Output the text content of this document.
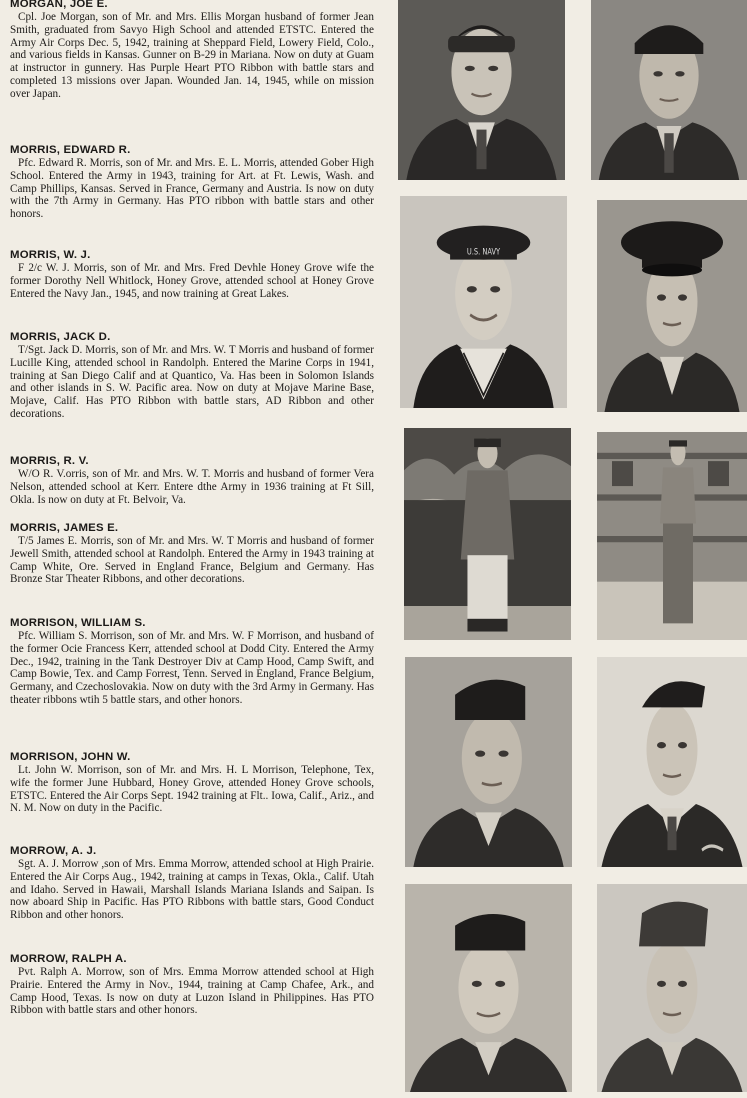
MORGAN, JOE E.

Cpl. Joe Morgan, son of Mr. and Mrs. Ellis Morgan husband of former Jean Smith, graduated from Savyo High School and attended ETSTC. Entered the Army Air Corps Dec. 5, 1942, training at Sheppard Field, Lowery Field, Colo., and various fields in Kansas. Gunner on B-29 in Mariana. Now on duty at Guam at instructor in gunnery. Has Purple Heart PTO Ribbon with battle stars and completed 13 missions over Japan. Wounded Jan. 14, 1945, while on mission over Japan.

MORRIS, EDWARD R.

Pfc. Edward R. Morris, son of Mr. and Mrs. E. L. Morris, attended Gober High School. Entered the Army in 1943, training for Art. at Ft. Lewis, Wash. and Camp Phillips, Kansas. Served in France, Germany and Austria. Is now on duty with the 7th Army in Germany. Has PTO ribbon with battle stars and other honors.

MORRIS, W. J.

F 2/c W. J. Morris, son of Mr. and Mrs. Fred Devhle Honey Grove wife the former Dorothy Nell Whitlock, Honey Grove, attended school at Honey Grove Entered the Navy Jan., 1945, and now training at Great Lakes.

MORRIS, JACK D.

T/Sgt. Jack D. Morris, son of Mr. and Mrs. W. T Morris and husband of former Lucille King, attended school in Randolph. Entered the Marine Corps in 1941, training at San Diego Calif and at Quantico, Va. Has been in Solomon Islands and other islands in S. W. Pacific area. Now on duty at Mojave Marine Base, Mojave, Calif. Has PTO Ribbon with battle stars, AD Ribbon and other decorations.

MORRIS, R. V.

W/O R. V.orris, son of Mr. and Mrs. W. T. Morris and husband of former Vera Nelson, attended school at Kerr. Entere dthe Army in 1936 training at Ft Sill, Okla. Is now on duty at Ft. Belvoir, Va.

MORRIS, JAMES E.

T/5 James E. Morris, son of Mr. and Mrs. W. T Morris and husband of former Jewell Smith, attended school at Randolph. Entered the Army in 1943 training at Camp White, Ore. Served in England France, Belgium and Germany. Has Bronze Star Theater Ribbons, and other decorations.

MORRISON, WILLIAM S.

Pfc. William S. Morrison, son of Mr. and Mrs. W. F Morrison, and husband of the former Ocie Francess Kerr, attended school at Dodd City. Entered the Army Dec., 1942, training in the Tank Destroyer Div at Camp Hood, Camp Swift, and Camp Bowie, Tex. and Camp Forrest, Tenn. Served in England, France Belgium, Germany, and Czechoslovakia. Now on duty with the 3rd Army in Germany. Has theater ribbons wtih 5 battle stars, and other honors.

MORRISON, JOHN W.

Lt. John W. Morrison, son of Mr. and Mrs. H. L Morrison, Telephone, Tex, wife the former June Hubbard, Honey Grove, attended Honey Grove schools, ETSTC. Entered the Air Corps Sept. 1942 training at Flt.. Iowa, Calif., Ariz., and N. M. Now on duty in the Pacific.

MORROW, A. J.

Sgt. A. J. Morrow ,son of Mrs. Emma Morrow, attended school at High Prairie. Entered the Air Corps Aug., 1942, training at camps in Texas, Okla., Calif. Utah and Idaho. Served in Hawaii, Marshall Islands Mariana Islands and Saipan. Is now aboard Ship in Pacific. Has PTO Ribbons with battle stars, Good Conduct Ribbon and other honors.

MORROW, RALPH A.

Pvt. Ralph A. Morrow, son of Mrs. Emma Morrow attended school at High Prairie. Entered the Army in Nov., 1944, training at Camp Chafee, Ark., and Camp Hood, Texas. Is now on duty at Luzon Island in Philippines. Has PTO Ribbon with battle stars and other honors.

U.S. NAVY
